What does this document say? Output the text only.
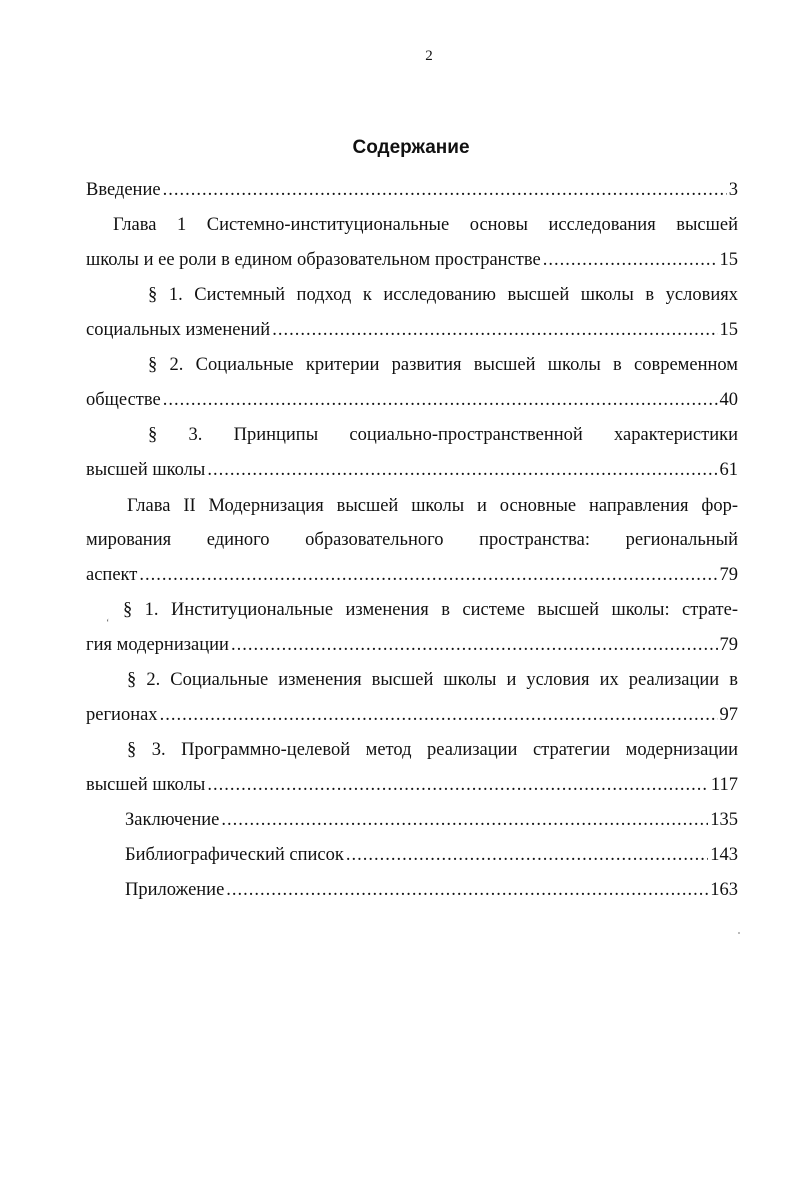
2
Содержание
Введение .....	3
Глава 1 Системно-институциональные основы исследования высшей
школы и ее роли в едином образовательном пространстве .....	15
§ 1. Системный подход к исследованию высшей школы в условиях
социальных изменений .....	15
§ 2. Социальные критерии развития высшей школы в современном
обществе .....	40
§ 3. Принципы социально-пространственной характеристики
высшей школы .....	61
Глава II Модернизация высшей школы и основные направления фор-
мирования единого образовательного пространства: региональный
аспект .....	79
ʻ
§ 1. Институциональные изменения в системе высшей школы: страте-
гия модернизации .....	79
§ 2. Социальные изменения высшей школы и условия их реализации в
регионах .....	97
§ 3. Программно-целевой метод реализации стратегии модернизации
высшей школы .....	117
Заключение .....	135
Библиографический список .....	143
Приложение .....	163
